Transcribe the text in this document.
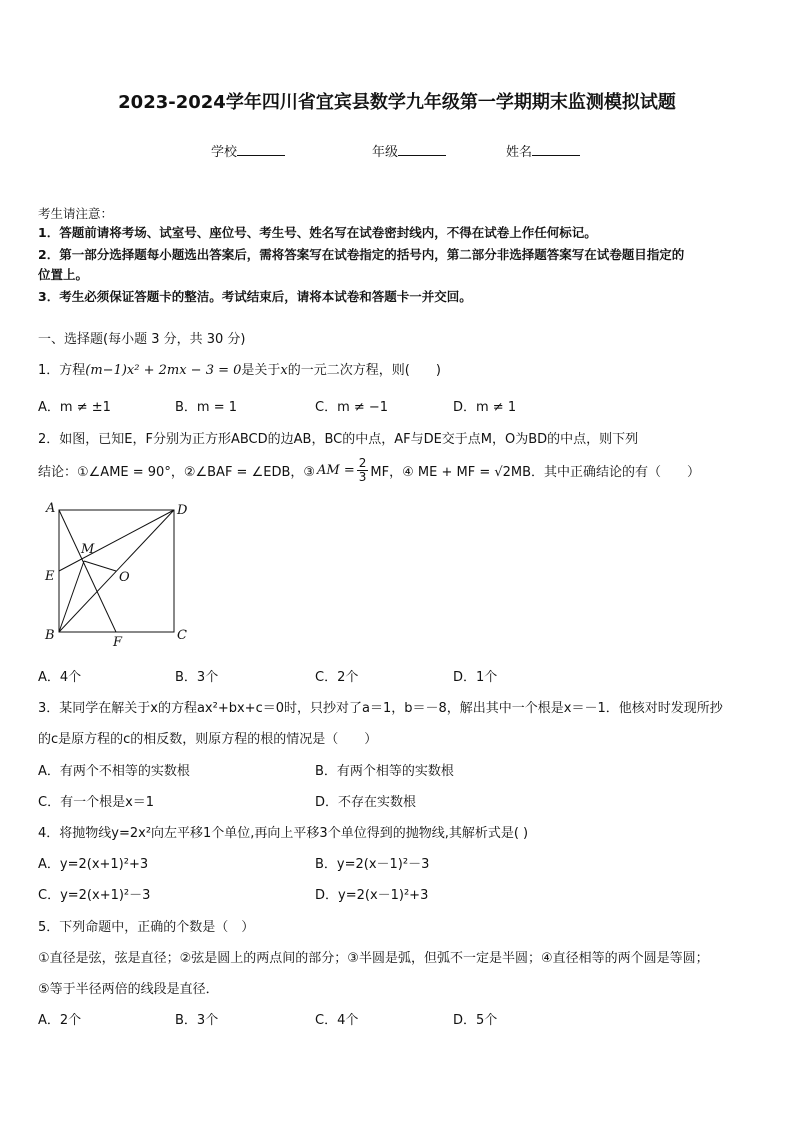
2023-2024学年四川省宜宾县数学九年级第一学期期末监测模拟试题
学校	年级	姓名
考生请注意：
1．答题前请将考场、试室号、座位号、考生号、姓名写在试卷密封线内，不得在试卷上作任何标记。
2．第一部分选择题每小题选出答案后，需将答案写在试卷指定的括号内，第二部分非选择题答案写在试卷题目指定的
位置上。
3．考生必须保证答题卡的整洁。考试结束后，请将本试卷和答题卡一并交回。
一、选择题(每小题 3 分，共 30 分)
1．方程(m−1)x² + 2mx − 3 = 0是关于x的一元二次方程，则(　　)
A．m ≠ ±1	B．m = 1	C．m ≠ −1	D．m ≠ 1
2．如图，已知E，F分别为正方形ABCD的边AB，BC的中点，AF与DE交于点M，O为BD的中点，则下列
结论：①∠AME = 90°，②∠BAF = ∠EDB，③ AM = $\frac{2}{3}$ MF，④ ME + MF = √2MB．其中正确结论的有（　　）
A	D
M
E	O
B	F	C
A．4个	B．3个	C．2个	D．1个
3．某同学在解关于x的方程ax²+bx+c＝0时，只抄对了a＝1，b＝－8，解出其中一个根是x＝－1．他核对时发现所抄
的c是原方程的c的相反数，则原方程的根的情况是（　　）
A．有两个不相等的实数根	B．有两个相等的实数根
C．有一个根是x＝1	D．不存在实数根
4．将抛物线y=2x²向左平移1个单位,再向上平移3个单位得到的抛物线,其解析式是( )
A．y=2(x+1)²+3	B．y=2(x－1)²－3
C．y=2(x+1)²－3	D．y=2(x－1)²+3
5．下列命题中，正确的个数是（　）
①直径是弦，弦是直径；②弦是圆上的两点间的部分；③半圆是弧，但弧不一定是半圆；④直径相等的两个圆是等圆；
⑤等于半径两倍的线段是直径．
A．2个	B．3个	C．4个	D．5个
